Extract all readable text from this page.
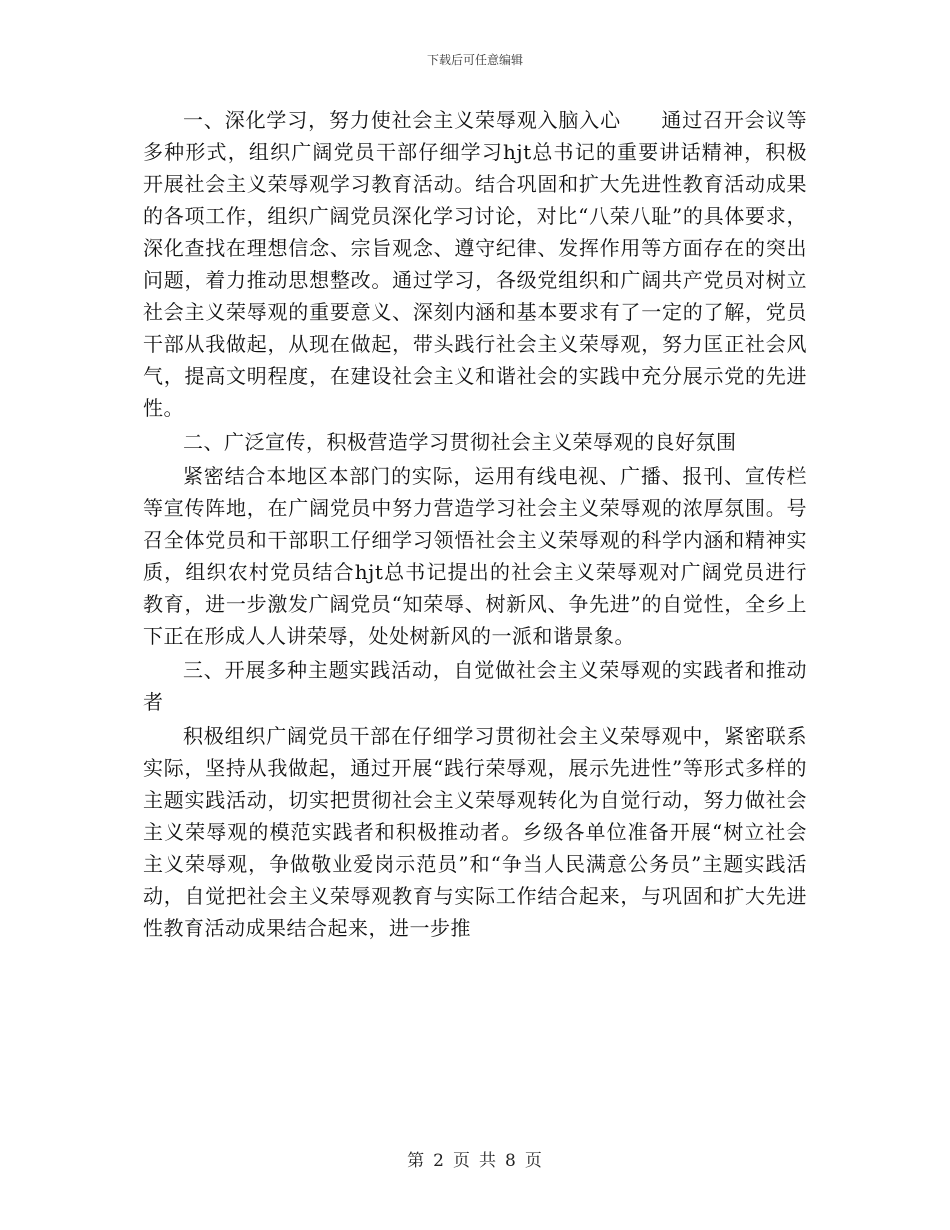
下载后可任意编辑

一、深化学习，努力使社会主义荣辱观入脑入心 通过召开会议等多种形式，组织广阔党员干部仔细学习hjt总书记的重要讲话精神，积极开展社会主义荣辱观学习教育活动。结合巩固和扩大先进性教育活动成果的各项工作，组织广阔党员深化学习讨论，对比“八荣八耻”的具体要求，深化查找在理想信念、宗旨观念、遵守纪律、发挥作用等方面存在的突出问题，着力推动思想整改。通过学习，各级党组织和广阔共产党员对树立社会主义荣辱观的重要意义、深刻内涵和基本要求有了一定的了解，党员干部从我做起，从现在做起，带头践行社会主义荣辱观，努力匡正社会风气，提高文明程度，在建设社会主义和谐社会的实践中充分展示党的先进性。

二、广泛宣传，积极营造学习贯彻社会主义荣辱观的良好氛围

紧密结合本地区本部门的实际，运用有线电视、广播、报刊、宣传栏等宣传阵地，在广阔党员中努力营造学习社会主义荣辱观的浓厚氛围。号召全体党员和干部职工仔细学习领悟社会主义荣辱观的科学内涵和精神实质，组织农村党员结合hjt总书记提出的社会主义荣辱观对广阔党员进行教育，进一步激发广阔党员“知荣辱、树新风、争先进”的自觉性，全乡上下正在形成人人讲荣辱，处处树新风的一派和谐景象。

三、开展多种主题实践活动，自觉做社会主义荣辱观的实践者和推动者

积极组织广阔党员干部在仔细学习贯彻社会主义荣辱观中，紧密联系实际，坚持从我做起，通过开展“践行荣辱观，展示先进性”等形式多样的主题实践活动，切实把贯彻社会主义荣辱观转化为自觉行动，努力做社会主义荣辱观的模范实践者和积极推动者。乡级各单位准备开展“树立社会主义荣辱观，争做敬业爱岗示范员”和“争当人民满意公务员”主题实践活动，自觉把社会主义荣辱观教育与实际工作结合起来，与巩固和扩大先进性教育活动成果结合起来，进一步推

第 2 页 共 8 页
